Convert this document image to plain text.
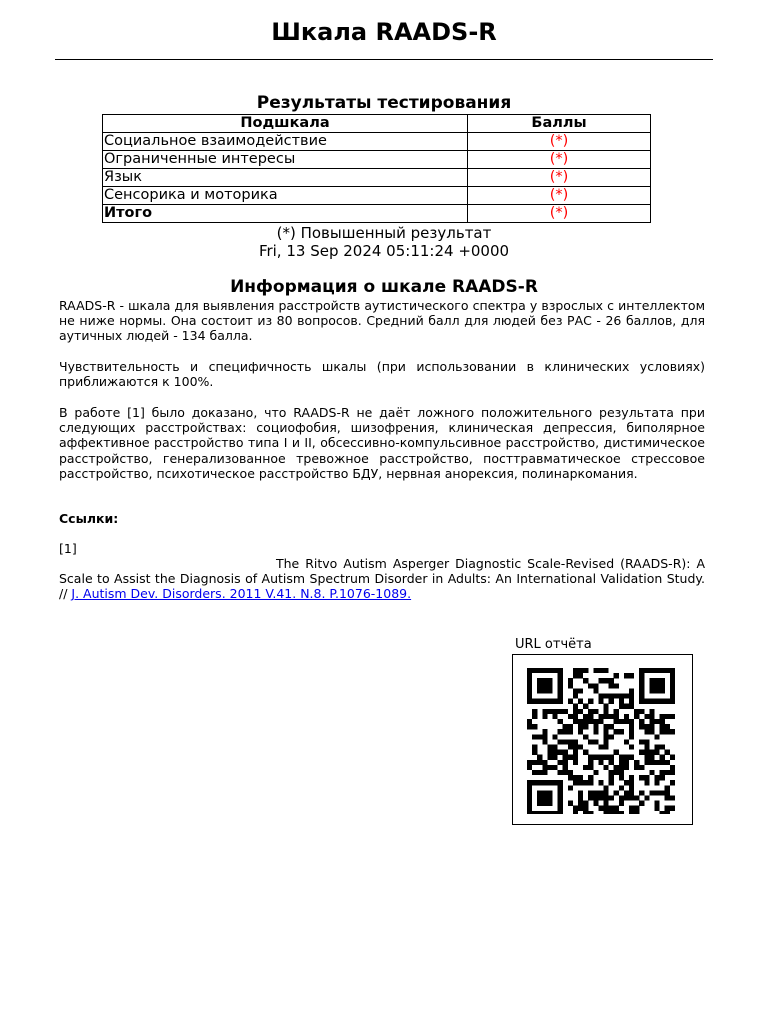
Шкала RAADS-R
Результаты тестирования
Подшкала	Баллы
Социальное взаимодействие	(*)
Ограниченные интересы	(*)
Язык	(*)
Сенсорика и моторика	(*)
Итого	(*)
(*) Повышенный результат
Fri, 13 Sep 2024 05:11:24 +0000
Информация о шкале RAADS-R

RAADS-R - шкала для выявления расстройств аутистического спектра у взрослых с интеллектом не ниже нормы. Она состоит из 80 вопросов. Средний балл для людей без РАС - 26 баллов, для аутичных людей - 134 балла.

Чувствительность и специфичность шкалы (при использовании в клинических условиях) приближаются к 100%.

В работе [1] было доказано, что RAADS-R не даёт ложного положительного результата при следующих расстройствах: социофобия, шизофрения, клиническая депрессия, биполярное аффективное расстройство типа I и II, обсессивно-компульсивное расстройство, дистимическое расстройство, генерализованное тревожное расстройство, посттравматическое стрессовое расстройство, психотическое расстройство БДУ, нервная анорексия, полинаркомания.

Ссылки:

[1]

The Ritvo Autism Asperger Diagnostic Scale-Revised (RAADS-R): A Scale to Assist the Diagnosis of Autism Spectrum Disorder in Adults: An International Validation Study. // J. Autism Dev. Disorders. 2011 V.41. N.8. P.1076-1089.

URL отчёта
